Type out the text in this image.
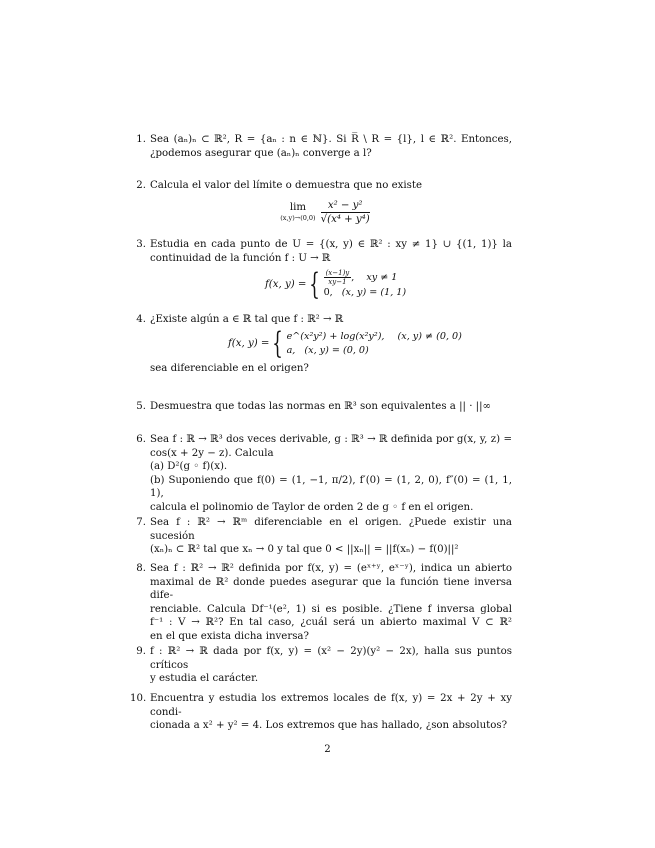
1. Sea (aₙ)ₙ ⊂ ℝ², R = {aₙ : n ∈ ℕ}. Si R̅ \ R = {l}, l ∈ ℝ². Entonces,
¿podemos asegurar que (aₙ)ₙ converge a l?
2. Calcula el valor del límite o demuestra que no existe
lim
$(x,y)\to(0,0) \frac{\text{x² − y²}}{\text{√(x⁴ + y⁴)}}$
3. Estudia en cada punto de U = {(x, y) ∈ ℝ² : xy ≠ 1} ∪ {(1, 1)} la
continuidad de la función f : U → ℝ
f(x, y) = { $\frac{(x-1)y}{xy-1}$ , xy ≠ 1
0, (x, y) = (1, 1)
4. ¿Existe algún a ∈ ℝ tal que f : ℝ² → ℝ
f(x, y) = { e^(x²y²) + log(x²y²), (x, y) ≠ (0, 0)
a, (x, y) = (0, 0)
sea diferenciable en el origen?
5. Desmuestra que todas las normas en ℝ³ son equivalentes a || · ||∞
6. Sea f : ℝ → ℝ³ dos veces derivable, g : ℝ³ → ℝ definida por g(x, y, z) =
cos(x + 2y − z). Calcula
(a) D²(g ◦ f)(x).
(b) Suponiendo que f(0) = (1, −1, π/2), f′(0) = (1, 2, 0), f″(0) = (1, 1, 1),
calcula el polinomio de Taylor de orden 2 de g ◦ f en el origen.
7. Sea f : ℝ² → ℝᵐ diferenciable en el origen. ¿Puede existir una sucesión
(xₙ)ₙ ⊂ ℝ² tal que xₙ → 0 y tal que 0 < ||xₙ|| = ||f(xₙ) − f(0)||²
8. Sea f : ℝ² → ℝ² definida por f(x, y) = (eˣ⁺ʸ, eˣ⁻ʸ), indica un abierto
maximal de ℝ² donde puedes asegurar que la función tiene inversa dife-
renciable. Calcula Df⁻¹(e², 1) si es posible. ¿Tiene f inversa global
f⁻¹ : V → ℝ²? En tal caso, ¿cuál será un abierto maximal V ⊂ ℝ²
en el que exista dicha inversa?
9. f : ℝ² → ℝ dada por f(x, y) = (x² − 2y)(y² − 2x), halla sus puntos críticos
y estudia el carácter.
10. Encuentra y estudia los extremos locales de f(x, y) = 2x + 2y + xy condi-
cionada a x² + y² = 4. Los extremos que has hallado, ¿son absolutos?
2
